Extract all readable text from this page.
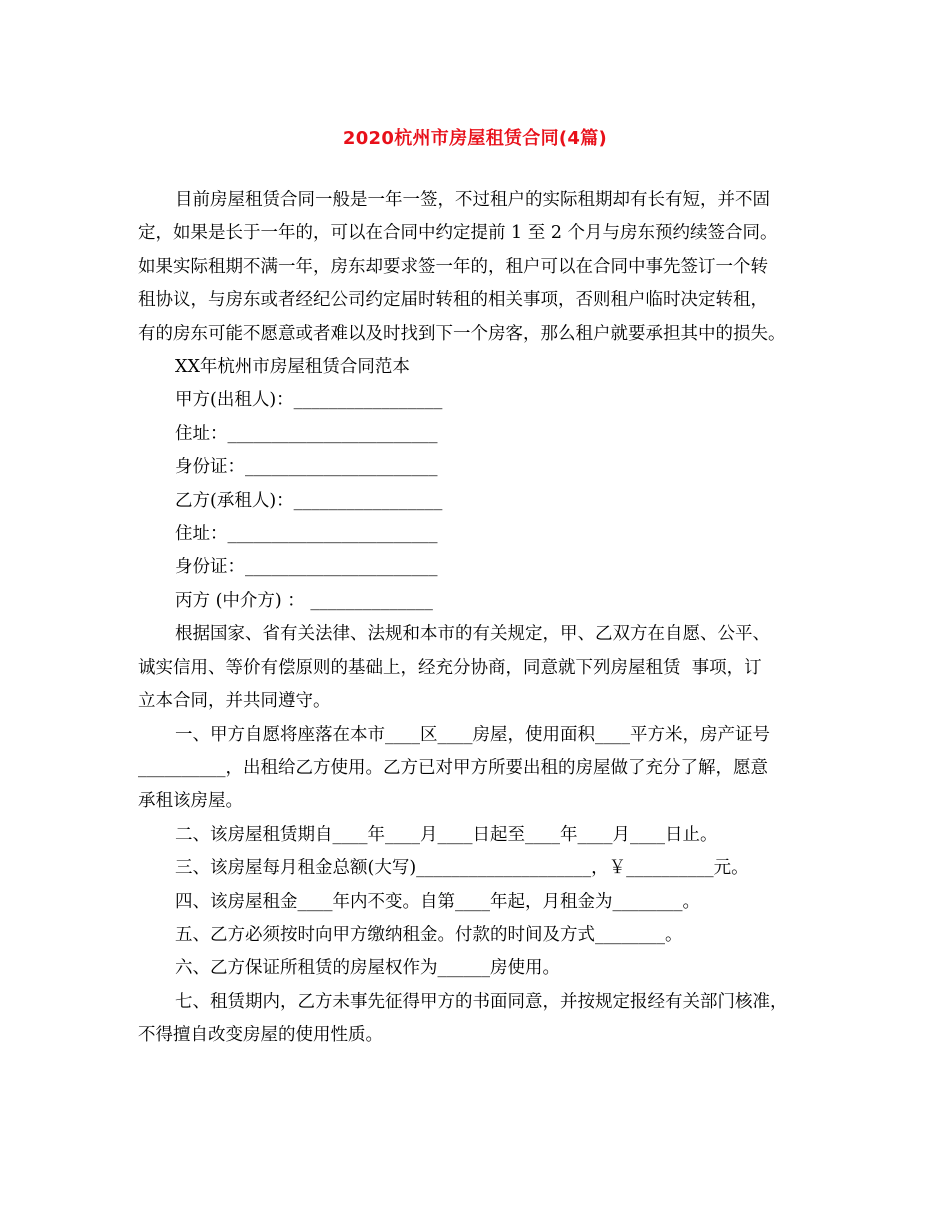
2020杭州市房屋租赁合同(4篇)
目前房屋租赁合同一般是一年一签，不过租户的实际租期却有长有短，并不固
定，如果是长于一年的，可以在合同中约定提前 1 至 2 个月与房东预约续签合同。
如果实际租期不满一年，房东却要求签一年的，租户可以在合同中事先签订一个转
租协议，与房东或者经纪公司约定届时转租的相关事项，否则租户临时决定转租，
有的房东可能不愿意或者难以及时找到下一个房客，那么租户就要承担其中的损失。
XX年杭州市房屋租赁合同范本
甲方(出租人)：_________________
住址：________________________
身份证：______________________
乙方(承租人)：_________________
住址：________________________
身份证：______________________
丙方 (中介方) ： ______________
根据国家、省有关法律、法规和本市的有关规定，甲、乙双方在自愿、公平、
诚实信用、等价有偿原则的基础上，经充分协商，同意就下列房屋租赁  事项，订
立本合同，并共同遵守。
一、甲方自愿将座落在本市____区____房屋，使用面积____平方米，房产证号
__________，出租给乙方使用。乙方已对甲方所要出租的房屋做了充分了解，愿意
承租该房屋。
二、该房屋租赁期自____年____月____日起至____年____月____日止。
三、该房屋每月租金总额(大写)____________________，￥__________元。
四、该房屋租金____年内不变。自第____年起，月租金为________。
五、乙方必须按时向甲方缴纳租金。付款的时间及方式________。
六、乙方保证所租赁的房屋权作为______房使用。
七、租赁期内，乙方未事先征得甲方的书面同意，并按规定报经有关部门核准，
不得擅自改变房屋的使用性质。
